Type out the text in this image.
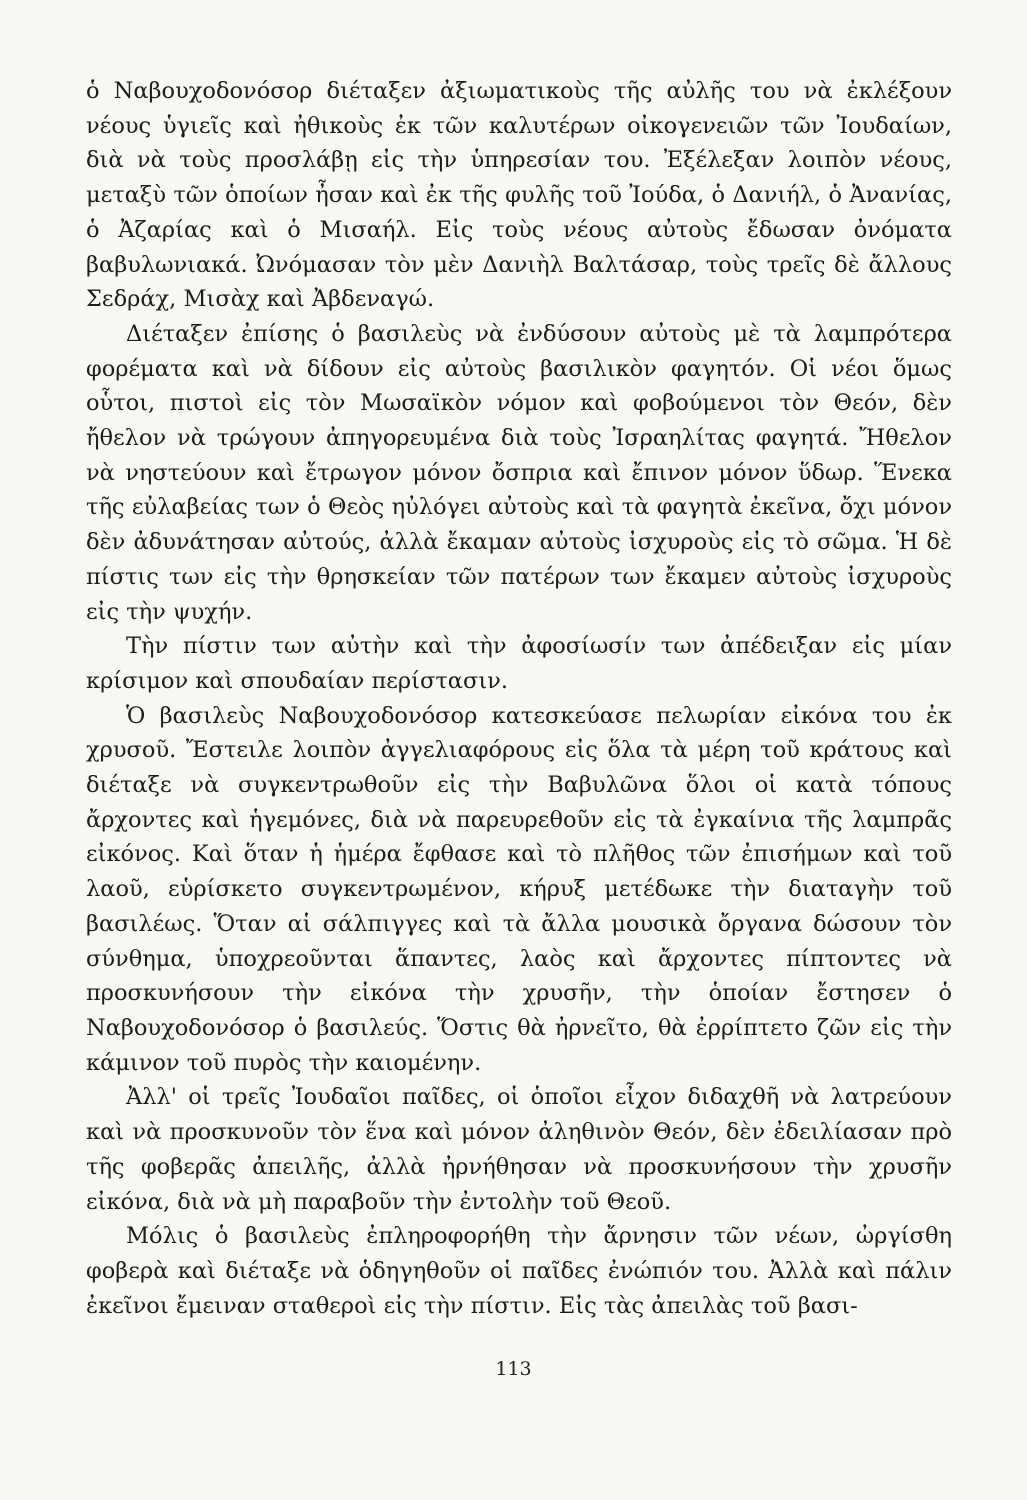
ὁ Ναβουχοδονόσορ διέταξεν ἀξιωματικοὺς τῆς αὐλῆς του νὰ ἐκλέξουν νέους ὑγιεῖς καὶ ἠθικοὺς ἐκ τῶν καλυτέρων οἰκογενειῶν τῶν Ἰουδαίων, διὰ νὰ τοὺς προσλάβῃ εἰς τὴν ὑπηρεσίαν του. Ἐξέλεξαν λοιπὸν νέους, μεταξὺ τῶν ὁποίων ἦσαν καὶ ἐκ τῆς φυλῆς τοῦ Ἰούδα, ὁ Δανιήλ, ὁ Ἀνανίας, ὁ Ἀζαρίας καὶ ὁ Μισαήλ. Εἰς τοὺς νέους αὐτοὺς ἔδωσαν ὀνόματα βαβυλωνιακά. Ὠνόμασαν τὸν μὲν Δανιὴλ Βαλτάσαρ, τοὺς τρεῖς δὲ ἄλλους Σεδράχ, Μισὰχ καὶ Ἀβδεναγώ.

Διέταξεν ἐπίσης ὁ βασιλεὺς νὰ ἐνδύσουν αὐτοὺς μὲ τὰ λαμπρότερα φορέματα καὶ νὰ δίδουν εἰς αὐτοὺς βασιλικὸν φαγητόν. Οἱ νέοι ὅμως οὗτοι, πιστοὶ εἰς τὸν Μωσαϊκὸν νόμον καὶ φοβούμενοι τὸν Θεόν, δὲν ἤθελον νὰ τρώγουν ἀπηγορευμένα διὰ τοὺς Ἰσραηλίτας φαγητά. Ἤθελον νὰ νηστεύουν καὶ ἔτρωγον μόνον ὄσπρια καὶ ἔπινον μόνον ὕδωρ. Ἕνεκα τῆς εὐλαβείας των ὁ Θεὸς ηὐλόγει αὐτοὺς καὶ τὰ φαγητὰ ἐκεῖνα, ὄχι μόνον δὲν ἀδυνάτησαν αὐτούς, ἀλλὰ ἔκαμαν αὐτοὺς ἰσχυροὺς εἰς τὸ σῶμα. Ἡ δὲ πίστις των εἰς τὴν θρησκείαν τῶν πατέρων των ἔκαμεν αὐτοὺς ἰσχυροὺς εἰς τὴν ψυχήν.

Τὴν πίστιν των αὐτὴν καὶ τὴν ἀφοσίωσίν των ἀπέδειξαν εἰς μίαν κρίσιμον καὶ σπουδαίαν περίστασιν.

Ὁ βασιλεὺς Ναβουχοδονόσορ κατεσκεύασε πελωρίαν εἰκόνα του ἐκ χρυσοῦ. Ἔστειλε λοιπὸν ἀγγελιαφόρους εἰς ὅλα τὰ μέρη τοῦ κράτους καὶ διέταξε νὰ συγκεντρωθοῦν εἰς τὴν Βαβυλῶνα ὅλοι οἱ κατὰ τόπους ἄρχοντες καὶ ἡγεμόνες, διὰ νὰ παρευρεθοῦν εἰς τὰ ἐγκαίνια τῆς λαμπρᾶς εἰκόνος. Καὶ ὅταν ἡ ἡμέρα ἔφθασε καὶ τὸ πλῆθος τῶν ἐπισήμων καὶ τοῦ λαοῦ, εὑρίσκετο συγκεντρωμένον, κήρυξ μετέδωκε τὴν διαταγὴν τοῦ βασιλέως. Ὅταν αἱ σάλπιγγες καὶ τὰ ἄλλα μουσικὰ ὄργανα δώσουν τὸν σύνθημα, ὑποχρεοῦνται ἅπαντες, λαὸς καὶ ἄρχοντες πίπτοντες νὰ προσκυνήσουν τὴν εἰκόνα τὴν χρυσῆν, τὴν ὁποίαν ἔστησεν ὁ Ναβουχοδονόσορ ὁ βασιλεύς. Ὅστις θὰ ἠρνεῖτο, θὰ ἐρρίπτετο ζῶν εἰς τὴν κάμινον τοῦ πυρὸς τὴν καιομένην.

Ἀλλ' οἱ τρεῖς Ἰουδαῖοι παῖδες, οἱ ὁποῖοι εἶχον διδαχθῆ νὰ λατρεύουν καὶ νὰ προσκυνοῦν τὸν ἕνα καὶ μόνον ἀληθινὸν Θεόν, δὲν ἐδειλίασαν πρὸ τῆς φοβερᾶς ἀπειλῆς, ἀλλὰ ἠρνήθησαν νὰ προσκυνήσουν τὴν χρυσῆν εἰκόνα, διὰ νὰ μὴ παραβοῦν τὴν ἐντολὴν τοῦ Θεοῦ.

Μόλις ὁ βασιλεὺς ἐπληροφορήθη τὴν ἄρνησιν τῶν νέων, ὠργίσθη φοβερὰ καὶ διέταξε νὰ ὁδηγηθοῦν οἱ παῖδες ἐνώπιόν του. Ἀλλὰ καὶ πάλιν ἐκεῖνοι ἔμειναν σταθεροὶ εἰς τὴν πίστιν. Εἰς τὰς ἀπειλὰς τοῦ βασι-

113
